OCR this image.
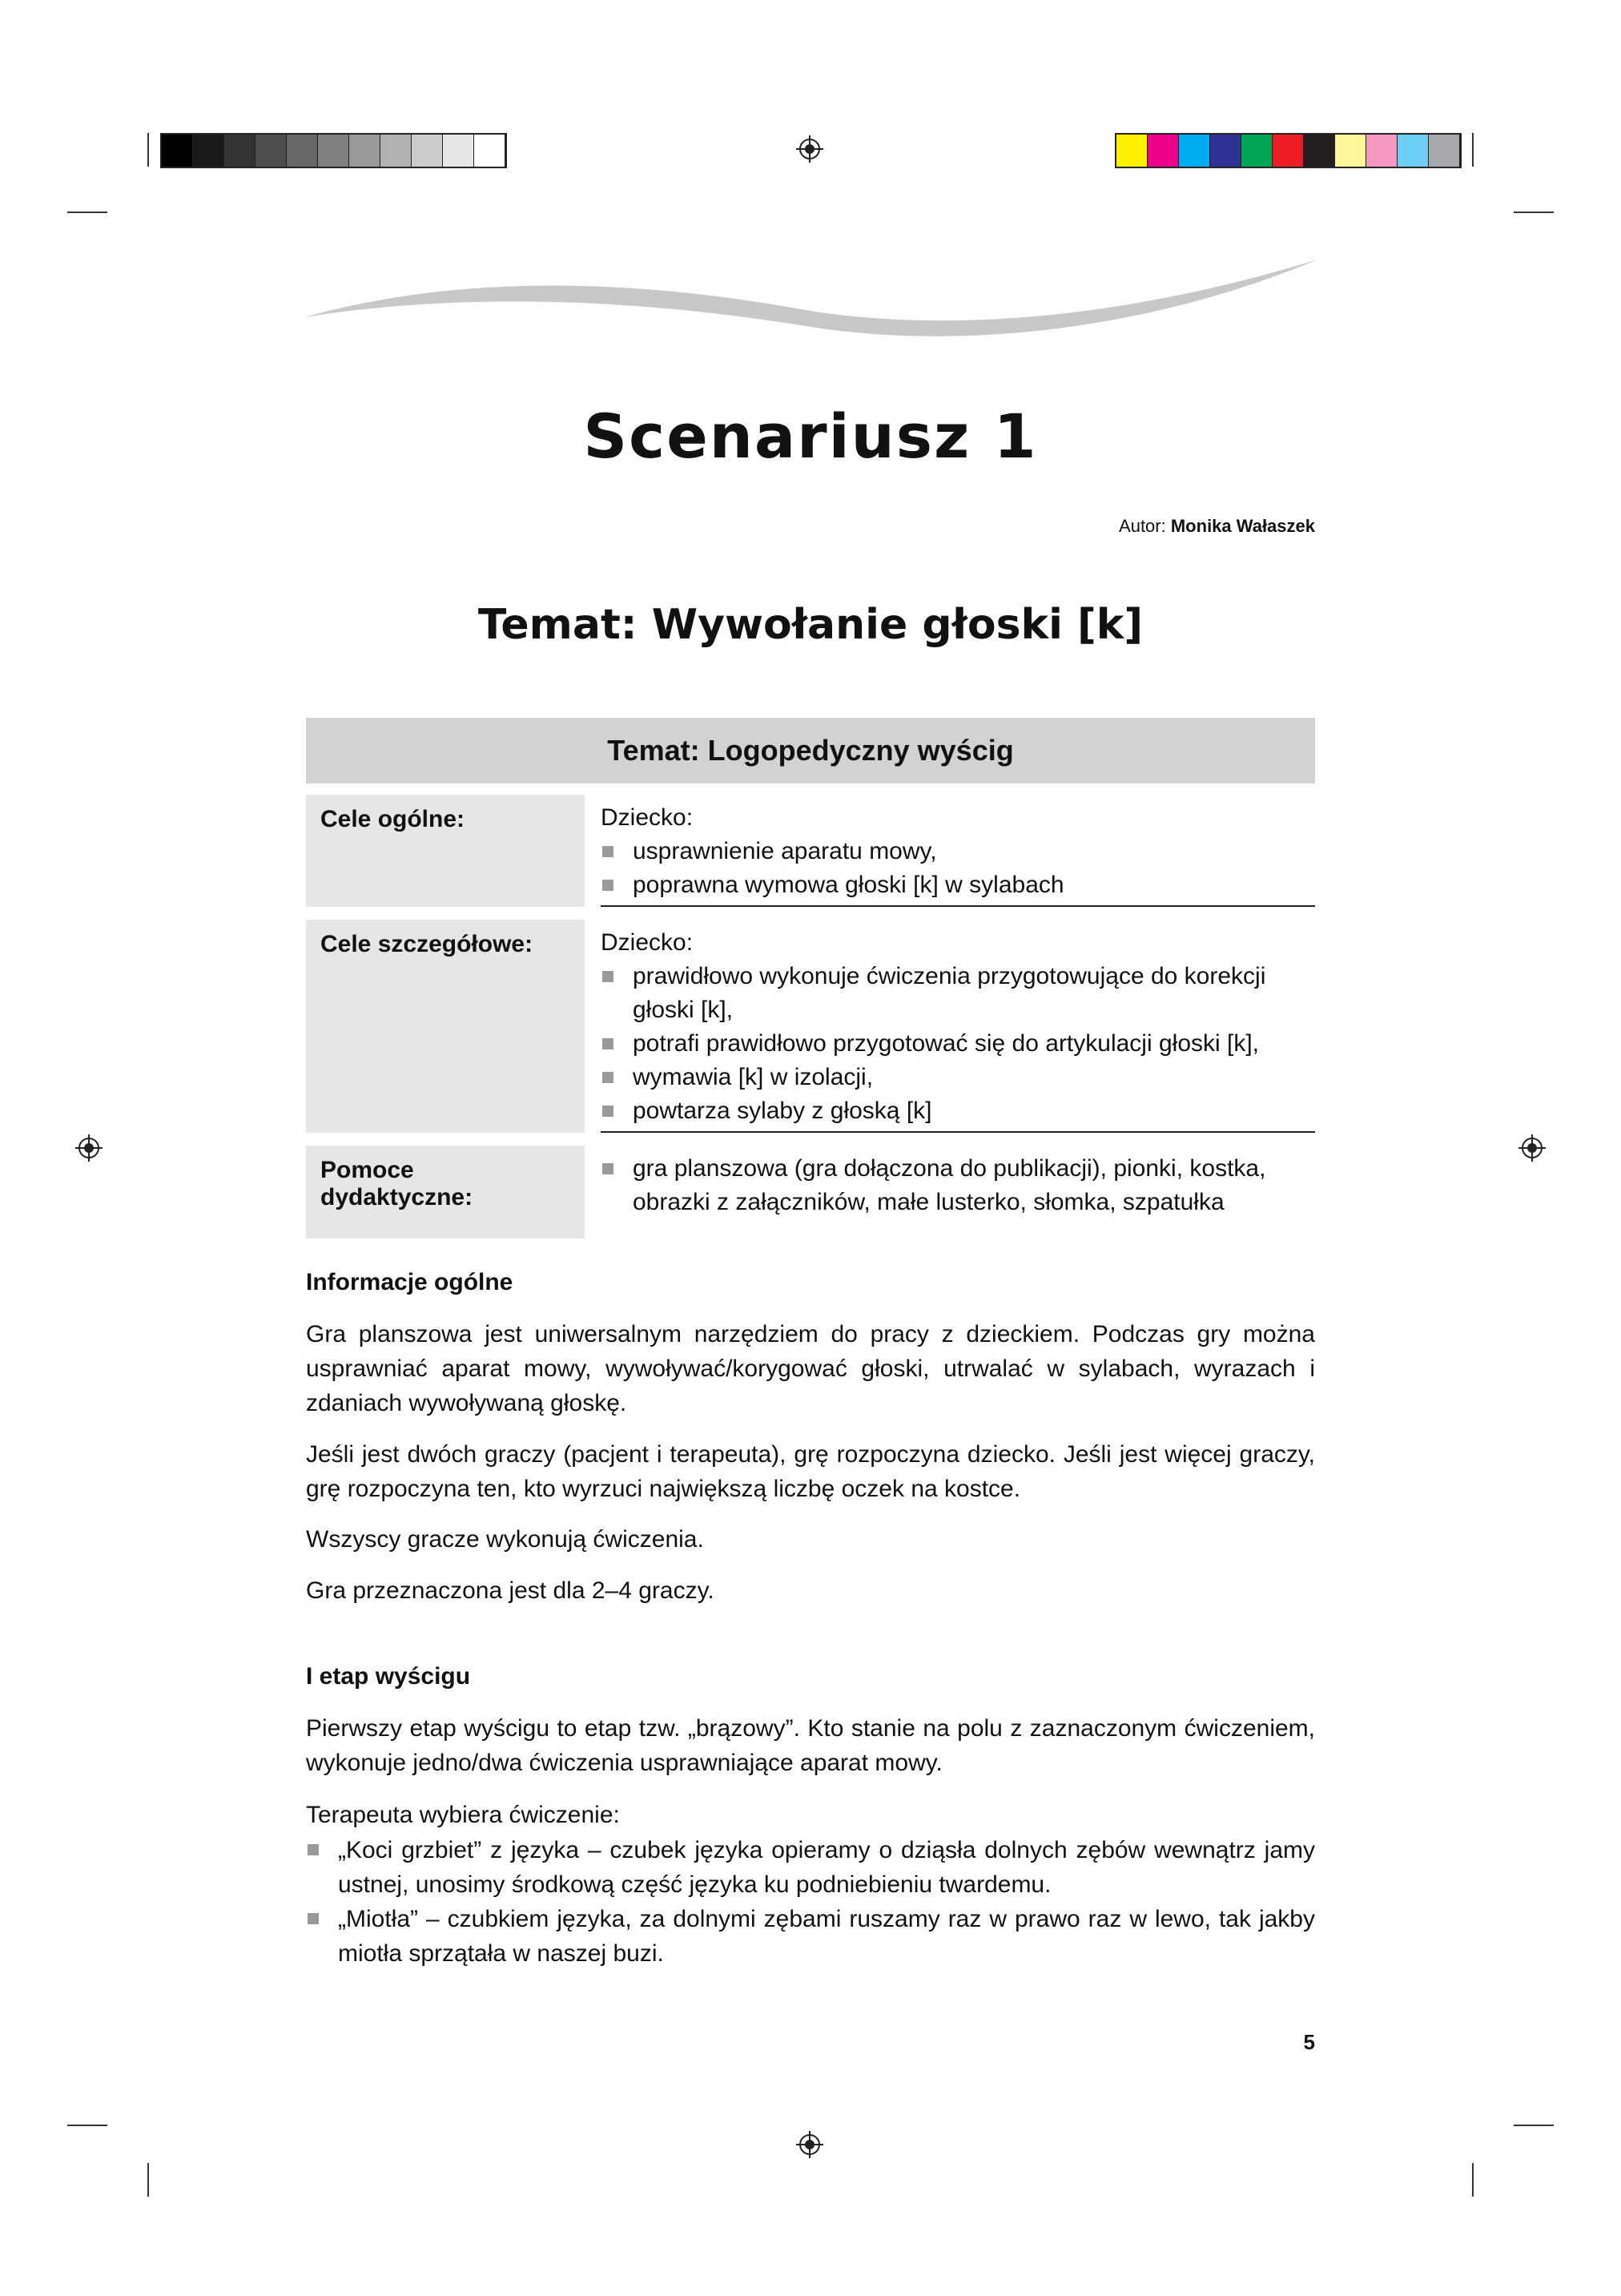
Scenariusz 1
Autor: Monika Wałaszek
Temat: Wywołanie głoski [k]
Temat: Logopedyczny wyścig
Cele ogólne:	Dziecko:
usprawnienie aparatu mowy,
poprawna wymowa głoski [k] w sylabach
Cele szczegółowe:	Dziecko:
prawidłowo wykonuje ćwiczenia przygotowujące do korekcji głoski [k],
potrafi prawidłowo przygotować się do artykulacji głoski [k],
wymawia [k] w izolacji,
powtarza sylaby z głoską [k]
Pomoce dydaktyczne:
gra planszowa (gra dołączona do publikacji), pionki, kostka, obrazki z załączników, małe lusterko, słomka, szpatułka
Informacje ogólne
Gra planszowa jest uniwersalnym narzędziem do pracy z dzieckiem. Podczas gry można usprawniać aparat mowy, wywoływać/korygować głoski, utrwalać w sylabach, wyrazach i zdaniach wywoływaną głoskę.
Jeśli jest dwóch graczy (pacjent i terapeuta), grę rozpoczyna dziecko. Jeśli jest więcej graczy, grę rozpoczyna ten, kto wyrzuci największą liczbę oczek na kostce.
Wszyscy gracze wykonują ćwiczenia.
Gra przeznaczona jest dla 2–4 graczy.
I etap wyścigu
Pierwszy etap wyścigu to etap tzw. „brązowy”. Kto stanie na polu z zaznaczonym ćwiczeniem, wykonuje jedno/dwa ćwiczenia usprawniające aparat mowy.
Terapeuta wybiera ćwiczenie:
„Koci grzbiet” z języka – czubek języka opieramy o dziąsła dolnych zębów wewnątrz jamy ustnej, unosimy środkową część języka ku podniebieniu twardemu.
„Miotła” – czubkiem języka, za dolnymi zębami ruszamy raz w prawo raz w lewo, tak jakby miotła sprzątała w naszej buzi.
5
